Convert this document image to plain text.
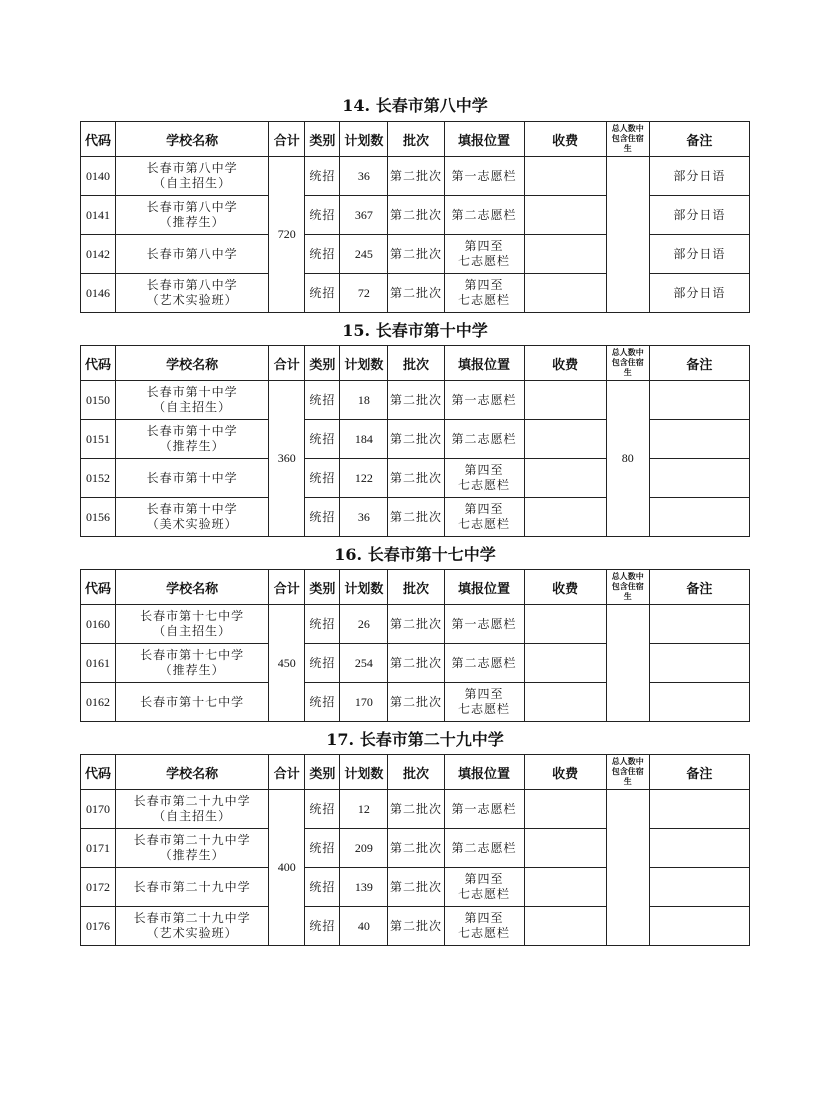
14. 长春市第八中学
代码	学校名称	合计	类别	计划数	批次	填报位置	收费	总人数中包含住宿生	备注
0140	长春市第八中学
（自主招生）	720	统招	36	第二批次	第一志愿栏			部分日语
0141	长春市第八中学
（推荐生）		统招	367	第二批次	第二志愿栏			部分日语
0142	长春市第八中学		统招	245	第二批次	第四至
七志愿栏			部分日语
0146	长春市第八中学
（艺术实验班）		统招	72	第二批次	第四至
七志愿栏			部分日语
15. 长春市第十中学
代码	学校名称	合计	类别	计划数	批次	填报位置	收费	总人数中包含住宿生	备注
0150	长春市第十中学
（自主招生）	360	统招	18	第二批次	第一志愿栏		80	
0151	长春市第十中学
（推荐生）		统招	184	第二批次	第二志愿栏			

0152	长春市第十中学		统招	122	第二批次	第四至
七志愿栏			

0156	长春市第十中学
（美术实验班）		统招	36	第二批次	第四至
七志愿栏			

16. 长春市第十七中学
代码	学校名称	合计	类别	计划数	批次	填报位置	收费	总人数中包含住宿生	备注
0160	长春市第十七中学
（自主招生）	450	统招	26	第二批次	第一志愿栏			

0161	长春市第十七中学
（推荐生）		统招	254	第二批次	第二志愿栏			

0162	长春市第十七中学		统招	170	第二批次	第四至
七志愿栏			

17. 长春市第二十九中学
代码	学校名称	合计	类别	计划数	批次	填报位置	收费	总人数中包含住宿生	备注
0170	长春市第二十九中学
（自主招生）	400	统招	12	第二批次	第一志愿栏			

0171	长春市第二十九中学
（推荐生）		统招	209	第二批次	第二志愿栏			

0172	长春市第二十九中学		统招	139	第二批次	第四至
七志愿栏			

0176	长春市第二十九中学
（艺术实验班）		统招	40	第二批次	第四至
七志愿栏			
